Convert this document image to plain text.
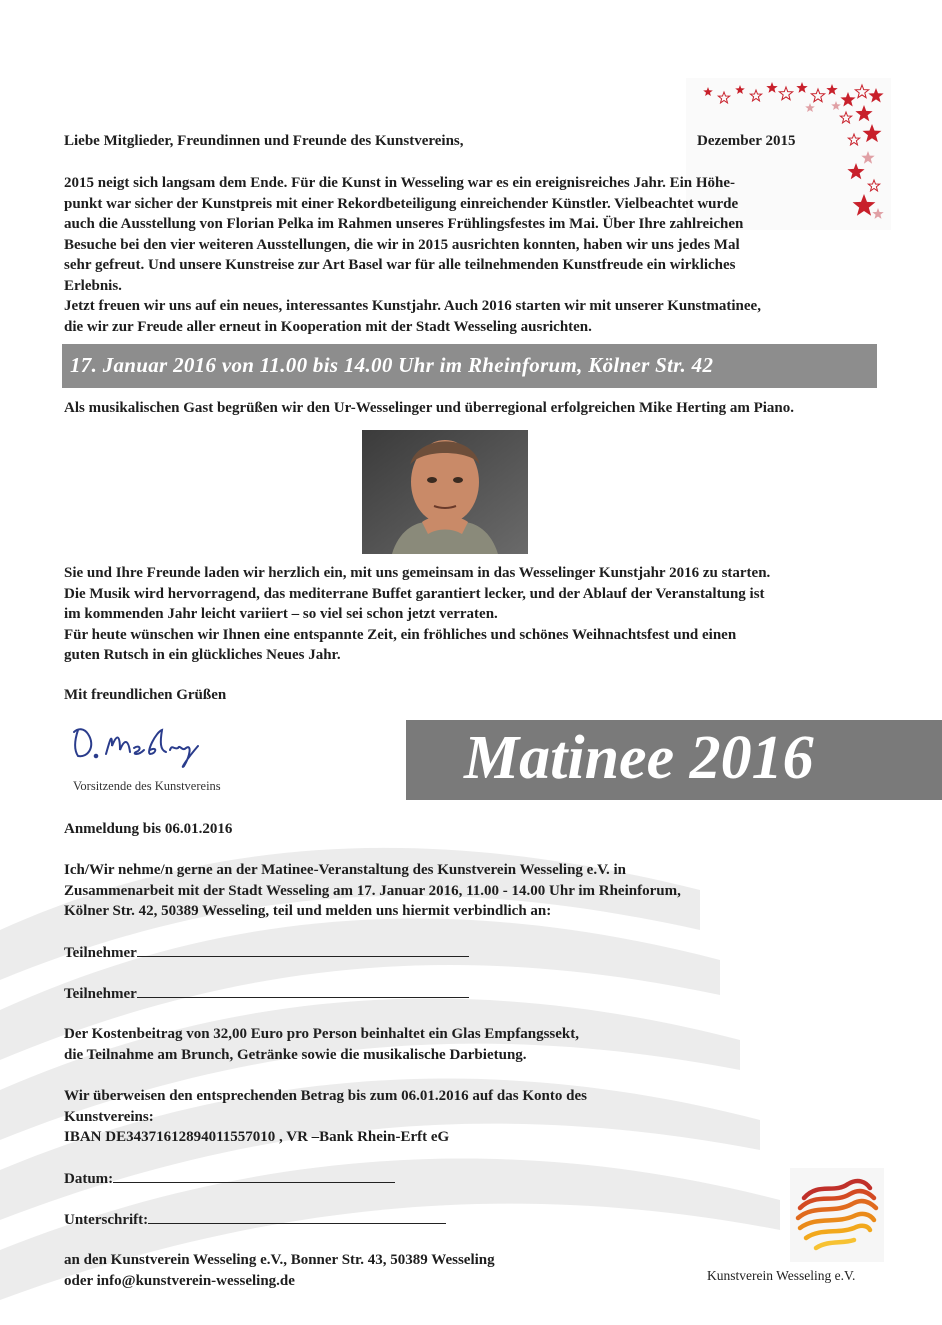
Liebe Mitglieder, Freundinnen und Freunde des Kunstvereins,	Dezember 2015
2015 neigt sich langsam dem Ende. Für die Kunst in Wesseling war es ein ereignisreiches Jahr. Ein Höhe-
punkt war sicher der Kunstpreis mit einer Rekordbeteiligung einreichender Künstler. Vielbeachtet wurde
auch die Ausstellung von Florian Pelka im Rahmen unseres Frühlingsfestes im Mai. Über Ihre zahlreichen
Besuche bei den vier weiteren Ausstellungen, die wir in 2015 ausrichten konnten, haben wir uns jedes Mal
sehr gefreut. Und unsere Kunstreise zur Art Basel war für alle teilnehmenden Kunstfreude ein wirkliches
Erlebnis.
Jetzt freuen wir uns auf ein neues, interessantes Kunstjahr. Auch 2016 starten wir mit unserer Kunstmatinee,
die wir zur Freude aller erneut in Kooperation mit der Stadt Wesseling ausrichten.
17. Januar 2016 von 11.00 bis 14.00 Uhr im Rheinforum, Kölner Str. 42
Als musikalischen Gast begrüßen wir den Ur-Wesselinger und überregional erfolgreichen Mike Herting am Piano.
Sie und Ihre Freunde laden wir herzlich ein, mit uns gemeinsam in das Wesselinger Kunstjahr 2016 zu starten.
Die Musik wird hervorragend, das mediterrane Buffet garantiert lecker, und der Ablauf der Veranstaltung ist
im kommenden Jahr leicht variiert – so viel sei schon jetzt verraten.
Für heute wünschen wir Ihnen eine entspannte Zeit, ein fröhliches und schönes Weihnachtsfest und einen
guten Rutsch in ein glückliches Neues Jahr.
Mit freundlichen Grüßen
Vorsitzende des Kunstvereins	Matinee 2016
Anmeldung bis 06.01.2016
Ich/Wir nehme/n gerne an der Matinee-Veranstaltung des Kunstverein Wesseling e.V. in
Zusammenarbeit mit der Stadt Wesseling am 17. Januar 2016, 11.00 - 14.00 Uhr im Rheinforum,
Kölner Str. 42, 50389 Wesseling, teil und melden uns hiermit verbindlich an:
Teilnehmer
Teilnehmer
Der Kostenbeitrag von 32,00 Euro pro Person beinhaltet ein Glas Empfangssekt,
die Teilnahme am Brunch, Getränke sowie die musikalische Darbietung.
Wir überweisen den entsprechenden Betrag bis zum 06.01.2016 auf das Konto des
Kunstvereins:
IBAN DE34371612894011557010 , VR –Bank Rhein-Erft eG
Datum:
Unterschrift:
an den Kunstverein Wesseling e.V., Bonner Str. 43, 50389 Wesseling
oder info@kunstverein-wesseling.de	Kunstverein Wesseling e.V.
